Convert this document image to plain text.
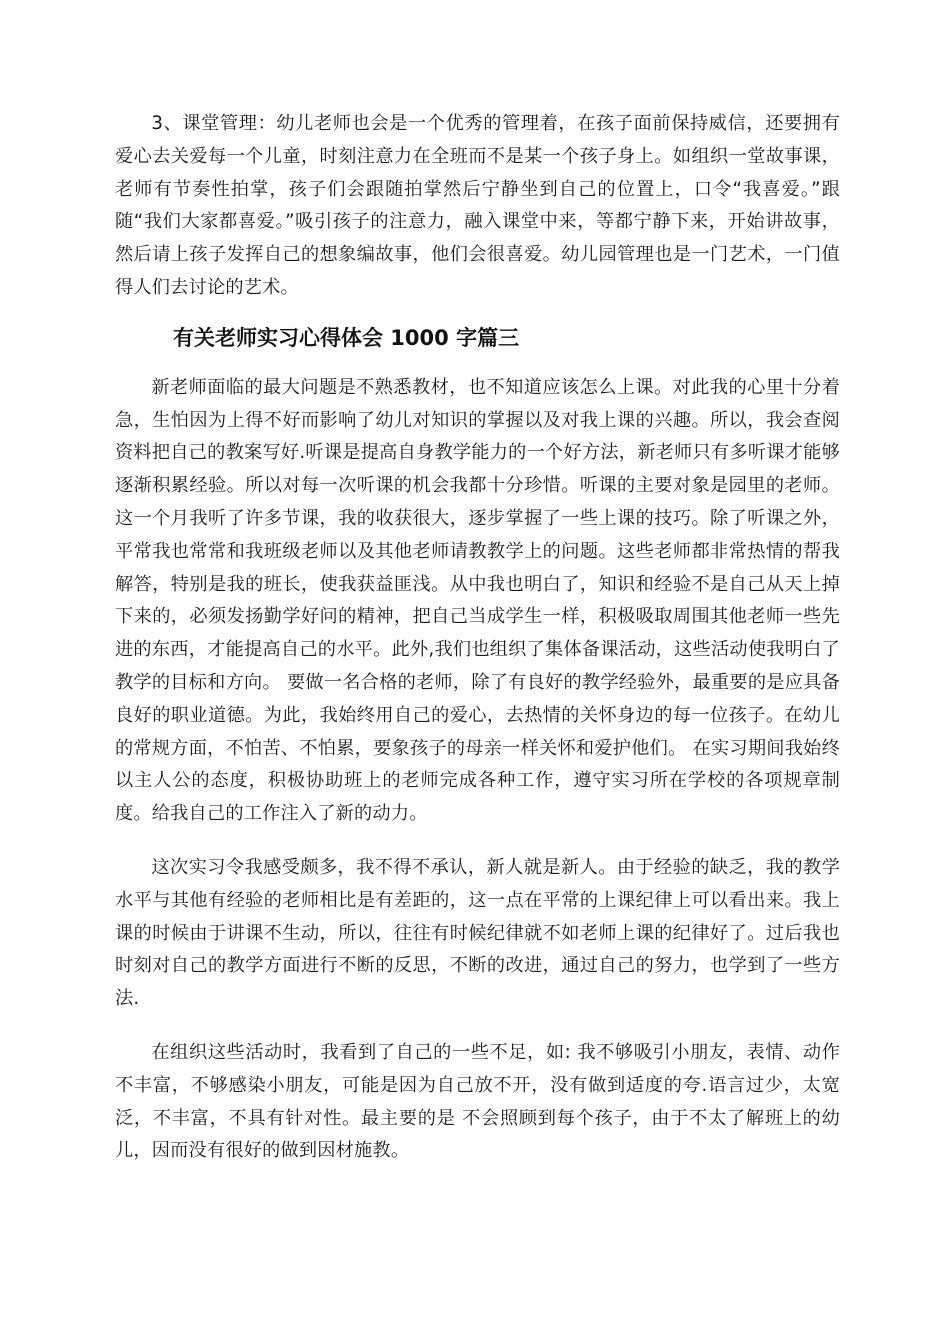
3、课堂管理：幼儿老师也会是一个优秀的管理着，在孩子面前保持威信，还要拥有爱心去关爱每一个儿童，时刻注意力在全班而不是某一个孩子身上。如组织一堂故事课，老师有节奏性拍掌，孩子们会跟随拍掌然后宁静坐到自己的位置上，口令“我喜爱。”跟随“我们大家都喜爱。”吸引孩子的注意力，融入课堂中来，等都宁静下来，开始讲故事，然后请上孩子发挥自己的想象编故事，他们会很喜爱。幼儿园管理也是一门艺术，一门值得人们去讨论的艺术。

有关老师实习心得体会 1000 字篇三

新老师面临的最大问题是不熟悉教材，也不知道应该怎么上课。对此我的心里十分着急，生怕因为上得不好而影响了幼儿对知识的掌握以及对我上课的兴趣。所以，我会查阅资料把自己的教案写好.听课是提高自身教学能力的一个好方法，新老师只有多听课才能够逐渐积累经验。所以对每一次听课的机会我都十分珍惜。听课的主要对象是园里的老师。这一个月我听了许多节课，我的收获很大，逐步掌握了一些上课的技巧。除了听课之外，平常我也常常和我班级老师以及其他老师请教教学上的问题。这些老师都非常热情的帮我解答，特别是我的班长，使我获益匪浅。从中我也明白了，知识和经验不是自己从天上掉下来的，必须发扬勤学好问的精神，把自己当成学生一样，积极吸取周围其他老师一些先进的东西，才能提高自己的水平。此外,我们也组织了集体备课活动，这些活动使我明白了教学的目标和方向。 要做一名合格的老师，除了有良好的教学经验外，最重要的是应具备良好的职业道德。为此，我始终用自己的爱心，去热情的关怀身边的每一位孩子。在幼儿的常规方面，不怕苦、不怕累，要象孩子的母亲一样关怀和爱护他们。 在实习期间我始终以主人公的态度，积极协助班上的老师完成各种工作，遵守实习所在学校的各项规章制度。给我自己的工作注入了新的动力。

这次实习令我感受颇多，我不得不承认，新人就是新人。由于经验的缺乏，我的教学水平与其他有经验的老师相比是有差距的，这一点在平常的上课纪律上可以看出来。我上课的时候由于讲课不生动，所以，往往有时候纪律就不如老师上课的纪律好了。过后我也时刻对自己的教学方面进行不断的反思，不断的改进，通过自己的努力，也学到了一些方法.

在组织这些活动时，我看到了自己的一些不足，如: 我不够吸引小朋友，表情、动作不丰富，不够感染小朋友，可能是因为自己放不开，没有做到适度的夸.语言过少，太宽泛，不丰富，不具有针对性。最主要的是 不会照顾到每个孩子，由于不太了解班上的幼儿，因而没有很好的做到因材施教。
